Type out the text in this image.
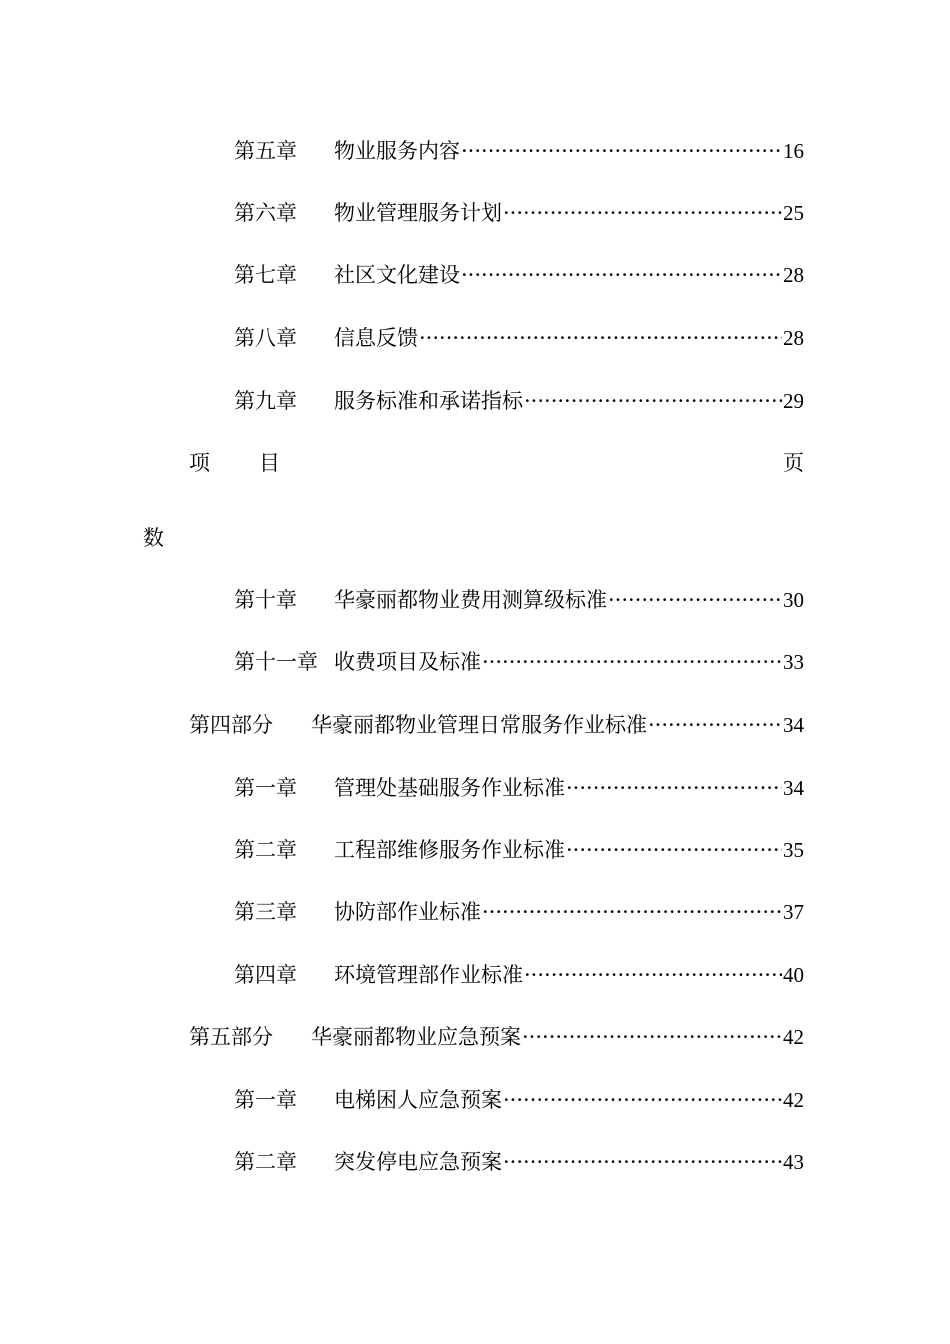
第五章	物业服务内容 ·····	16
第六章	物业管理服务计划 ·····	25
第七章	社区文化建设 ·····	28
第八章	信息反馈 ·····	28
第九章	服务标准和承诺指标 ·····	29
项 目	页
数
第十章	华豪丽都物业费用测算级标准 ·····	30
第十一章 收费项目及标准 ·····	33
第四部分	华豪丽都物业管理日常服务作业标准 ·····	34
第一章	管理处基础服务作业标准 ·····	34
第二章	工程部维修服务作业标准 ·····	35
第三章	协防部作业标准 ·····	37
第四章	环境管理部作业标准 ·····	40
第五部分	华豪丽都物业应急预案 ·····	42
第一章	电梯困人应急预案 ·····	42
第二章	突发停电应急预案 ·····	43
